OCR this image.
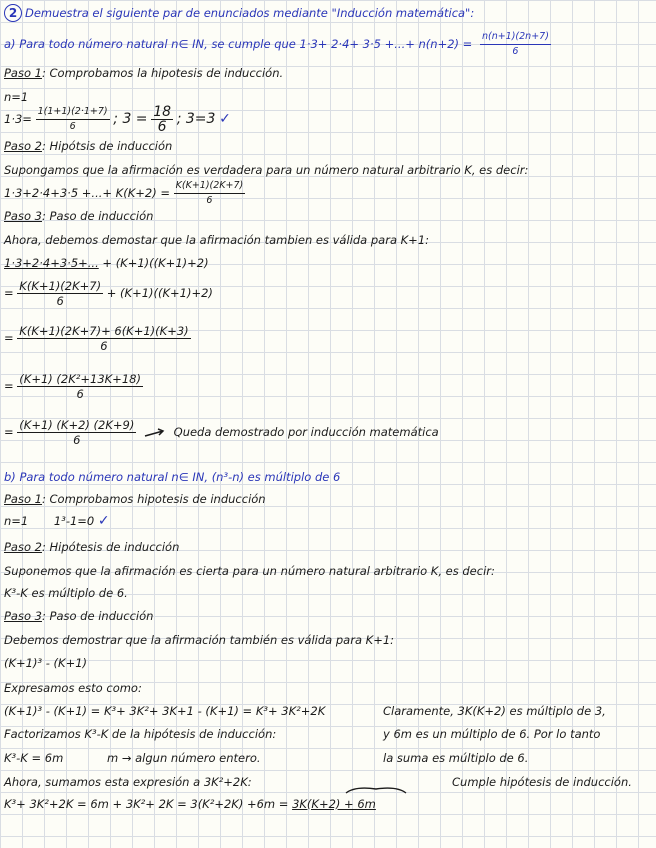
2 Demuestra el siguiente par de enunciados mediante "Inducción matemática":
a) Para todo número natural n∈ IN, se cumple que 1·3+ 2·4+ 3·5 +...+ $n(n+2) = \frac{n(n+1)(2n+7)}{6}$
Paso 1: Comprobamos la hipotesis de inducción.
n=1
$1\cdot 3= \frac{1(1+1)(2\cdot 1+7)}{6}$ ; $3 = \frac{18}{6}$ ; 3=3 ✓
Paso 2: Hipótsis de inducción
Supongamos que la afirmación es verdadera para un número natural arbitrario K, es decir:
1·3+2·4+3·5 +...+ $K(K+2) = \frac{K(K+1)(2K+7)}{6}$
Paso 3: Paso de inducción
Ahora, debemos demostar que la afirmación tambien es válida para K+1:
1·3+2·4+3·5+... + (K+1)((K+1)+2)
= $\frac{K(K+1)(2K+7)}{6} + (K+1)((K+1)+2)$
= $\frac{K(K+1)(2K+7)+ 6(K+1)(K+3)}{6}$
= $\frac{\text{(K+1) (2K²+13K+18)}}{6}$
= $\frac{(K+1) (K+2) (2K+9)}{6}$	Queda demostrado por inducción matemática
b) Para todo número natural n∈ IN, (n³-n) es múltiplo de 6
Paso 1: Comprobamos hipotesis de inducción
n=1 1³-1=0 ✓
Paso 2: Hipótesis de inducción
Suponemos que la afirmación es cierta para un número natural arbitrario K, es decir:
K³-K es múltiplo de 6.
Paso 3: Paso de inducción
Debemos demostrar que la afirmación también es válida para K+1:
(K+1)³ - (K+1)
Expresamos esto como:
(K+1)³ - (K+1) = K³+ 3K²+ 3K+1 - (K+1) = K³+ 3K²+2K	Claramente, 3K(K+2) es múltiplo de 3,
Factorizamos K³-K de la hipótesis de inducción:	y 6m es un múltiplo de 6. Por lo tanto
K³-K = 6m	m → algun número entero.	la suma es múltiplo de 6.
Ahora, sumamos esta expresión a 3K²+2K:	Cumple hipótesis de inducción.
K³+ 3K²+2K = 6m + 3K²+ 2K = 3(K²+2K) +6m = 3K(K+2) + 6m
